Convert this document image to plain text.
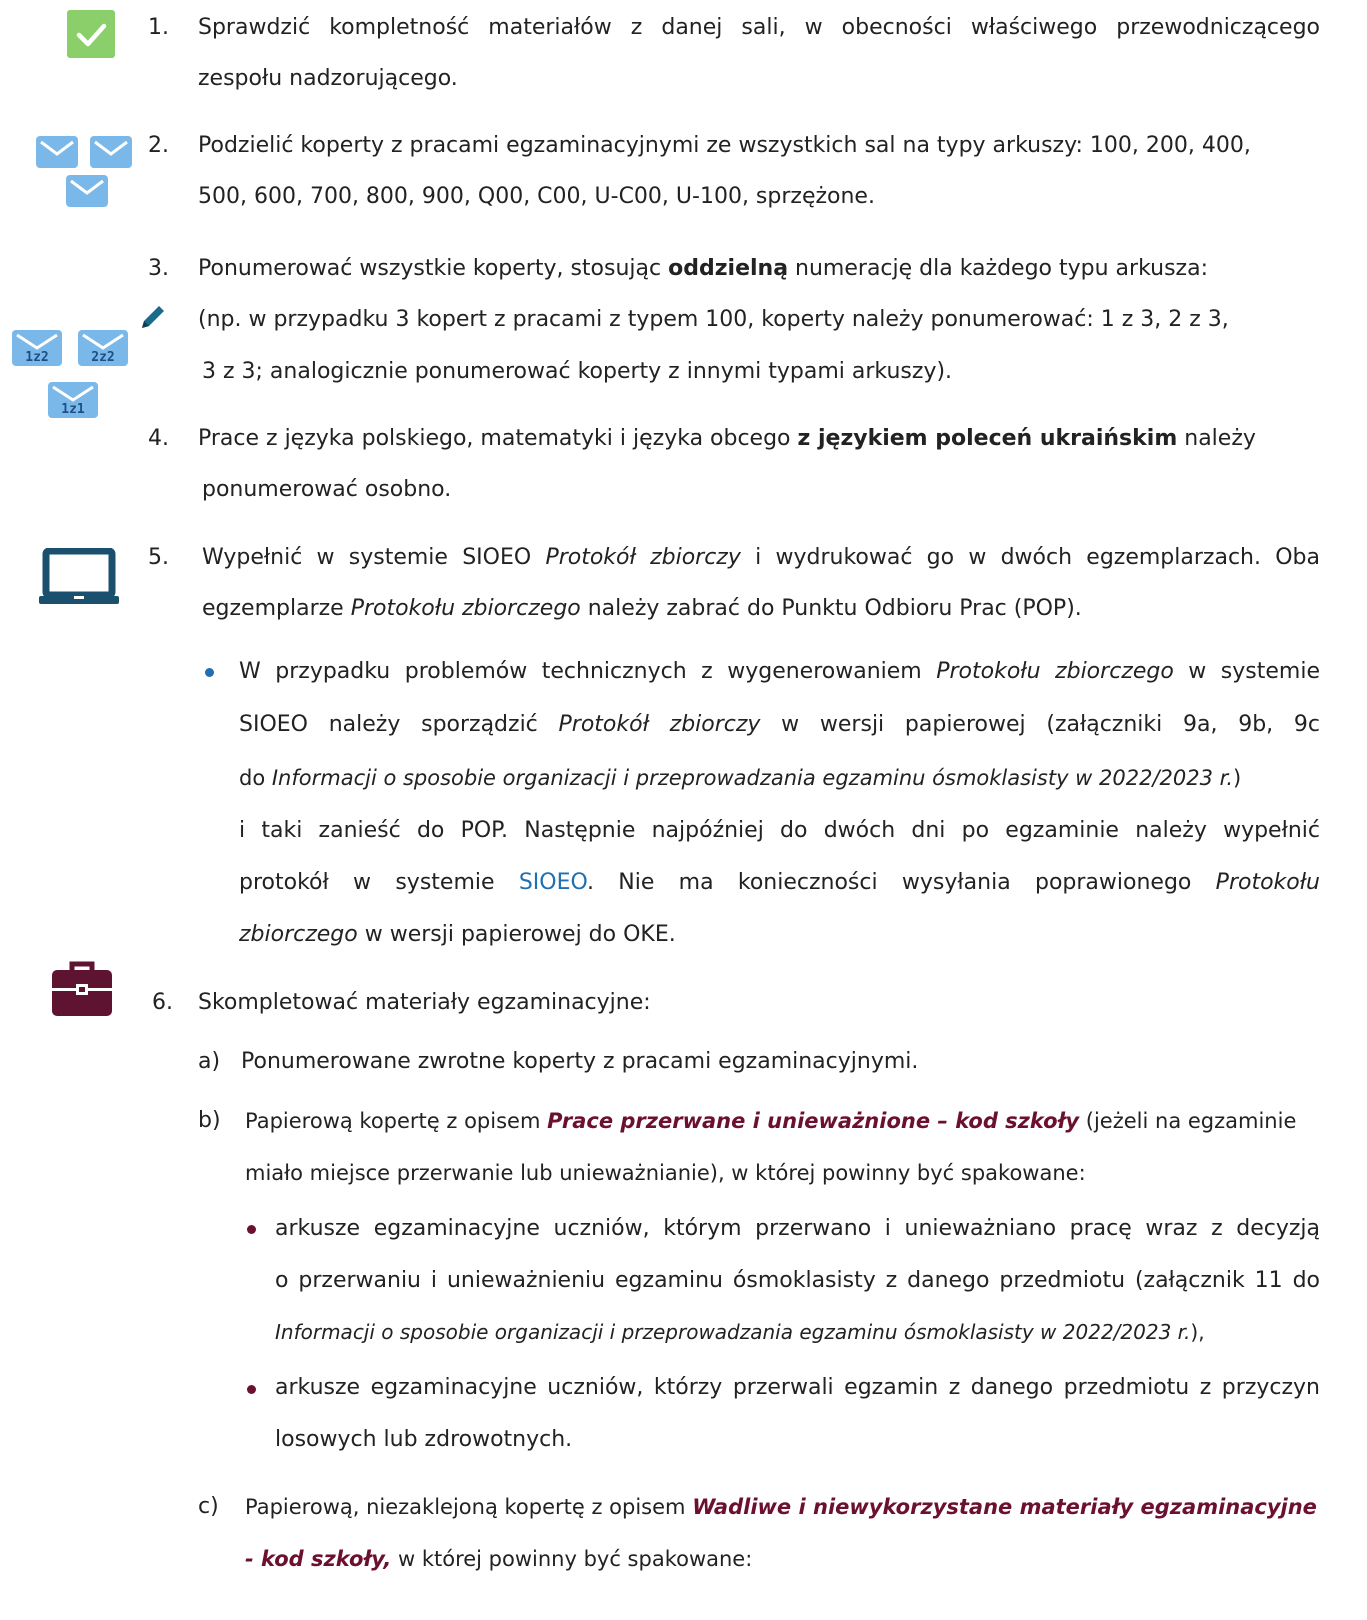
1z2	2z2
1z1
1. Sprawdzić kompletność materiałów z danej sali, w obecności właściwego przewodniczącego
zespołu nadzorującego.
2. Podzielić koperty z pracami egzaminacyjnymi ze wszystkich sal na typy arkuszy: 100, 200, 400,
500, 600, 700, 800, 900, Q00, C00, U-C00, U-100, sprzężone.
3. Ponumerować wszystkie koperty, stosując oddzielną numerację dla każdego typu arkusza:
(np. w przypadku 3 kopert z pracami z typem 100, koperty należy ponumerować: 1 z 3, 2 z 3,
3 z 3; analogicznie ponumerować koperty z innymi typami arkuszy).
4. Prace z języka polskiego, matematyki i języka obcego z językiem poleceń ukraińskim należy
ponumerować osobno.
5. Wypełnić w systemie SIOEO Protokół zbiorczy i wydrukować go w dwóch egzemplarzach. Oba
egzemplarze Protokołu zbiorczego należy zabrać do Punktu Odbioru Prac (POP).
W przypadku problemów technicznych z wygenerowaniem Protokołu zbiorczego w systemie
SIOEO należy sporządzić Protokół zbiorczy w wersji papierowej (załączniki 9a, 9b, 9c
do Informacji o sposobie organizacji i przeprowadzania egzaminu ósmoklasisty w 2022/2023 r.)
i taki zanieść do POP. Następnie najpóźniej do dwóch dni po egzaminie należy wypełnić
protokół w systemie SIOEO. Nie ma konieczności wysyłania poprawionego Protokołu
zbiorczego w wersji papierowej do OKE.
6. Skompletować materiały egzaminacyjne:
a) Ponumerowane zwrotne koperty z pracami egzaminacyjnymi.
b) Papierową kopertę z opisem Prace przerwane i unieważnione – kod szkoły (jeżeli na egzaminie
miało miejsce przerwanie lub unieważnianie), w której powinny być spakowane:
arkusze egzaminacyjne uczniów, którym przerwano i unieważniano pracę wraz z decyzją
o przerwaniu i unieważnieniu egzaminu ósmoklasisty z danego przedmiotu (załącznik 11 do
Informacji o sposobie organizacji i przeprowadzania egzaminu ósmoklasisty w 2022/2023 r.),
arkusze egzaminacyjne uczniów, którzy przerwali egzamin z danego przedmiotu z przyczyn
losowych lub zdrowotnych.
c) Papierową, niezaklejoną kopertę z opisem Wadliwe i niewykorzystane materiały egzaminacyjne
- kod szkoły, w której powinny być spakowane:
